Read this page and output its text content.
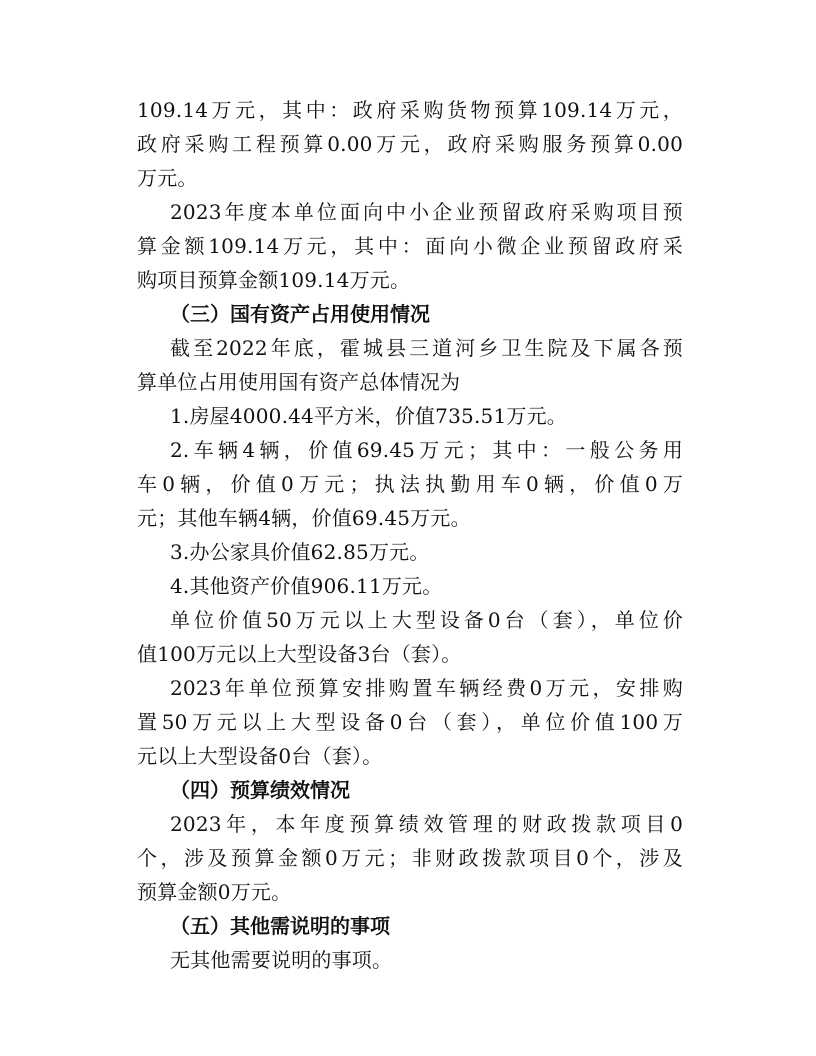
109.14万元，其中：政府采购货物预算109.14万元，

政府采购工程预算0.00万元，政府采购服务预算0.00

万元。

2023年度本单位面向中小企业预留政府采购项目预

算金额109.14万元，其中：面向小微企业预留政府采

购项目预算金额109.14万元。

（三）国有资产占用使用情况

截至2022年底，霍城县三道河乡卫生院及下属各预

算单位占用使用国有资产总体情况为

1.房屋4000.44平方米，价值735.51万元。

2.车辆4辆，价值69.45万元；其中：一般公务用

车0辆，价值0万元；执法执勤用车0辆，价值0万

元；其他车辆4辆，价值69.45万元。

3.办公家具价值62.85万元。

4.其他资产价值906.11万元。

单位价值50万元以上大型设备0台（套），单位价

值100万元以上大型设备3台（套）。

2023年单位预算安排购置车辆经费0万元，安排购

置50万元以上大型设备0台（套），单位价值100万

元以上大型设备0台（套）。

（四）预算绩效情况

2023年，本年度预算绩效管理的财政拨款项目0

个，涉及预算金额0万元；非财政拨款项目0个，涉及

预算金额0万元。

（五）其他需说明的事项

无其他需要说明的事项。
